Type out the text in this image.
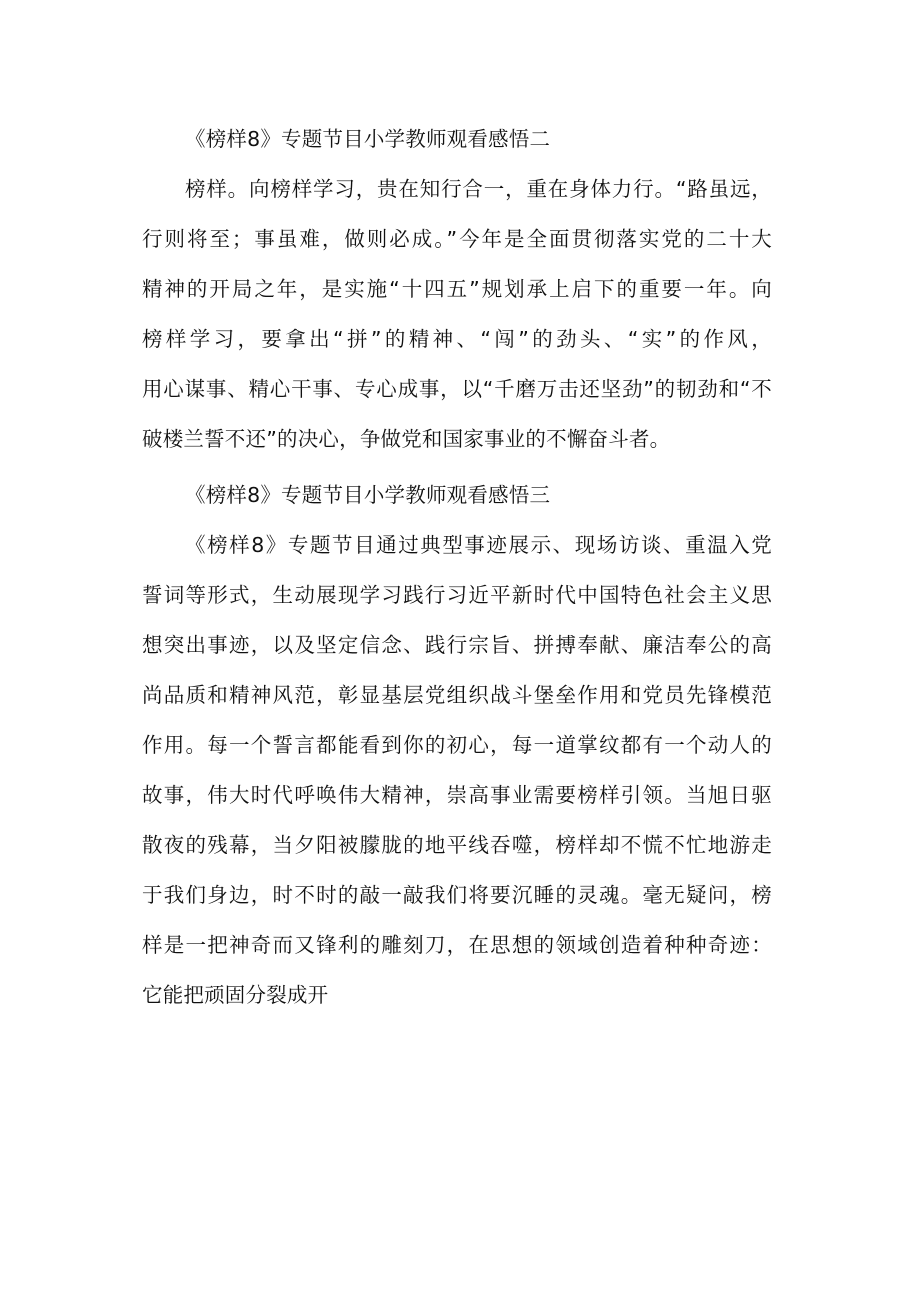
《榜样8》专题节目小学教师观看感悟二
榜样。向榜样学习，贵在知行合一，重在身体力行。“路虽远，
行则将至；事虽难，做则必成。”今年是全面贯彻落实党的二十大
精神的开局之年，是实施“十四五”规划承上启下的重要一年。向
榜样学习，要拿出“拼”的精神、“闯”的劲头、“实”的作风，
用心谋事、精心干事、专心成事，以“千磨万击还坚劲”的韧劲和“不
破楼兰誓不还”的决心，争做党和国家事业的不懈奋斗者。
《榜样8》专题节目小学教师观看感悟三
《榜样8》专题节目通过典型事迹展示、现场访谈、重温入党
誓词等形式，生动展现学习践行习近平新时代中国特色社会主义思
想突出事迹，以及坚定信念、践行宗旨、拼搏奉献、廉洁奉公的高
尚品质和精神风范，彰显基层党组织战斗堡垒作用和党员先锋模范
作用。每一个誓言都能看到你的初心，每一道掌纹都有一个动人的
故事，伟大时代呼唤伟大精神，崇高事业需要榜样引领。当旭日驱
散夜的残幕，当夕阳被朦胧的地平线吞噬，榜样却不慌不忙地游走
于我们身边，时不时的敲一敲我们将要沉睡的灵魂。毫无疑问，榜
样是一把神奇而又锋利的雕刻刀，在思想的领域创造着种种奇迹：
它能把顽固分裂成开
